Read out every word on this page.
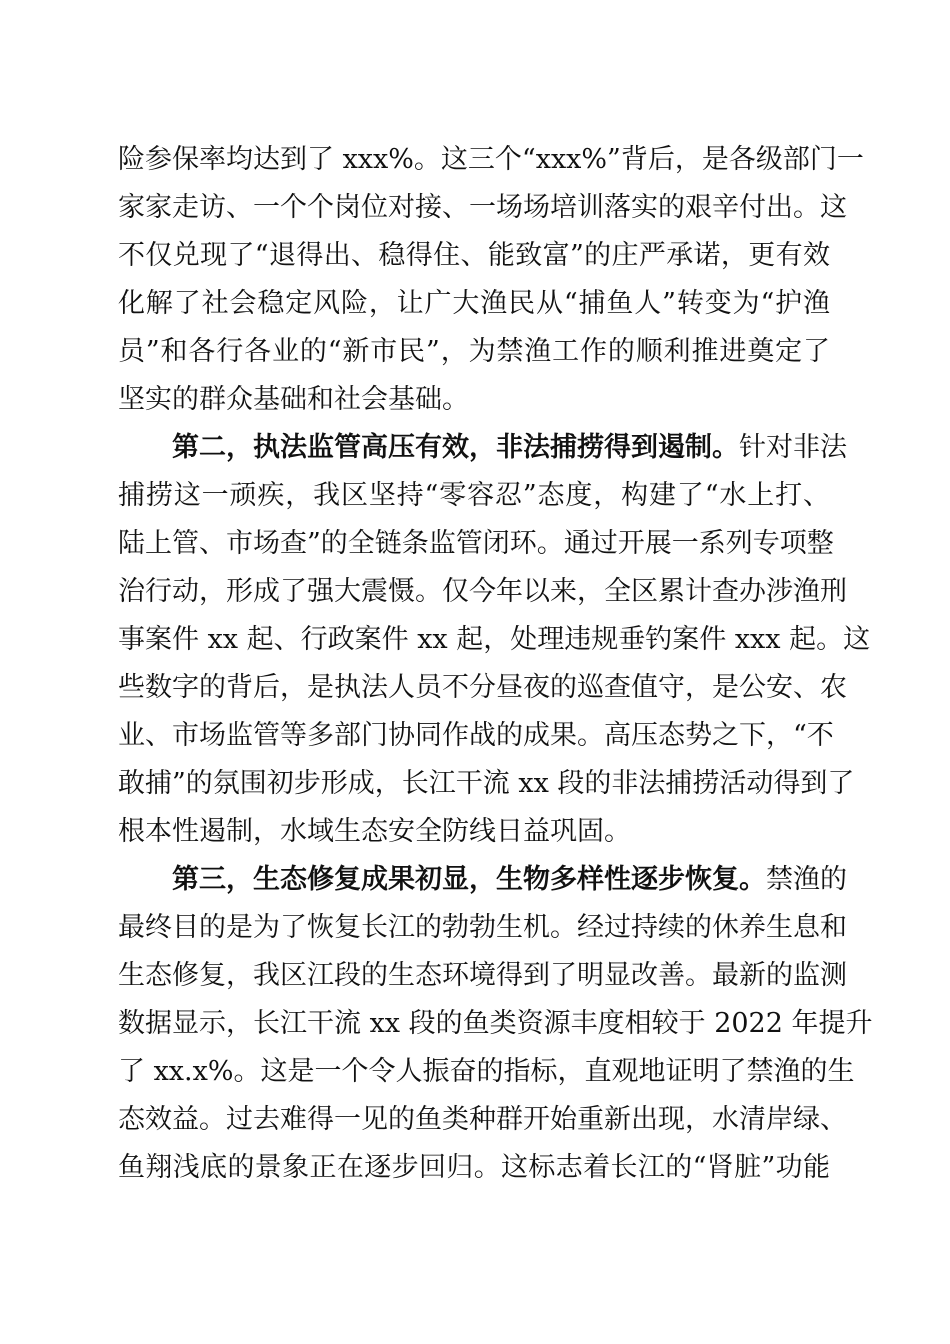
险参保率均达到了 xxx%。这三个“xxx%”背后，是各级部门一
家家走访、一个个岗位对接、一场场培训落实的艰辛付出。这
不仅兑现了“退得出、稳得住、能致富”的庄严承诺，更有效
化解了社会稳定风险，让广大渔民从“捕鱼人”转变为“护渔
员”和各行各业的“新市民”，为禁渔工作的顺利推进奠定了
坚实的群众基础和社会基础。
第二，执法监管高压有效，非法捕捞得到遏制。针对非法
捕捞这一顽疾，我区坚持“零容忍”态度，构建了“水上打、
陆上管、市场查”的全链条监管闭环。通过开展一系列专项整
治行动，形成了强大震慑。仅今年以来，全区累计查办涉渔刑
事案件 xx 起、行政案件 xx 起，处理违规垂钓案件 xxx 起。这
些数字的背后，是执法人员不分昼夜的巡查值守，是公安、农
业、市场监管等多部门协同作战的成果。高压态势之下，“不
敢捕”的氛围初步形成，长江干流 xx 段的非法捕捞活动得到了
根本性遏制，水域生态安全防线日益巩固。
第三，生态修复成果初显，生物多样性逐步恢复。禁渔的
最终目的是为了恢复长江的勃勃生机。经过持续的休养生息和
生态修复，我区江段的生态环境得到了明显改善。最新的监测
数据显示，长江干流 xx 段的鱼类资源丰度相较于 2022 年提升
了 xx.x%。这是一个令人振奋的指标，直观地证明了禁渔的生
态效益。过去难得一见的鱼类种群开始重新出现，水清岸绿、
鱼翔浅底的景象正在逐步回归。这标志着长江的“肾脏”功能
